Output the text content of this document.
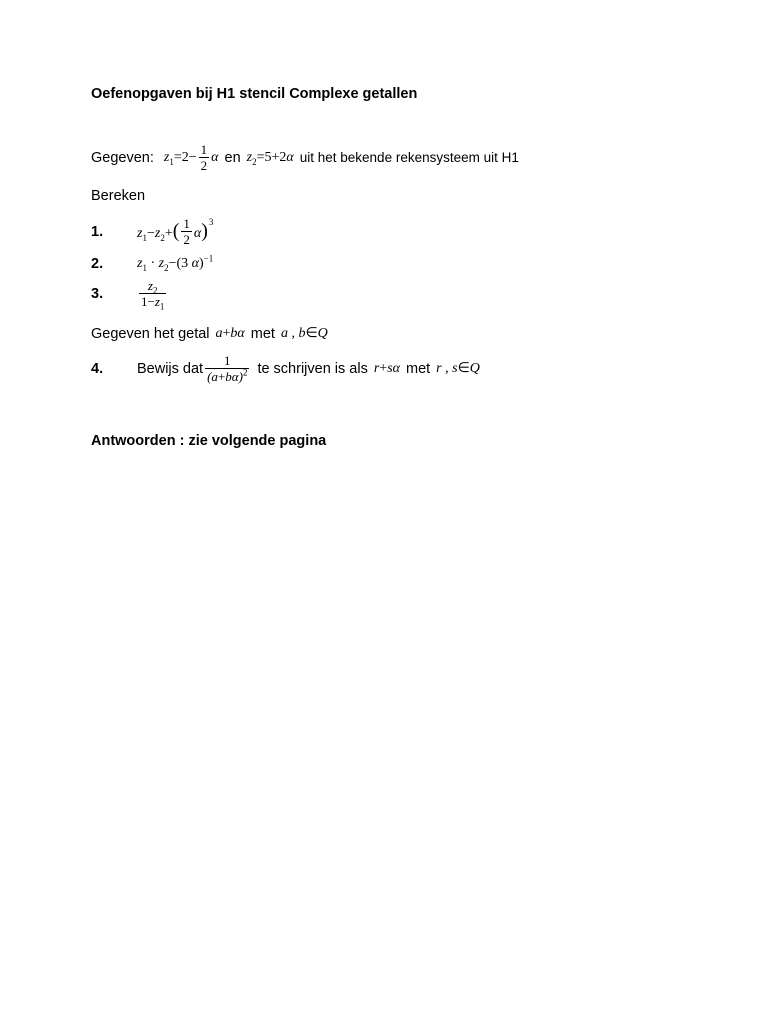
Oefenopgaven bij H1 stencil Complexe getallen
Gegeven: $z_1=2- \frac{1}{2}$ α en $z_2=5+2\alpha$ uit het bekende rekensysteem uit H1
Bereken
1.	$z_1-z_2+( \frac{1}{2} \alpha)^3$
2.	$z_1 \cdot z_2-(3$ α)$^{-1}$
3.	$\frac{z_2}{1-z_1}$
Gegeven het getal a+bα met a , b∈Q
4.	Bewijs dat $\frac{1}{(a+b\alpha)^2}$ te schrijven is als r+sα met r , s∈Q
Antwoorden : zie volgende pagina
